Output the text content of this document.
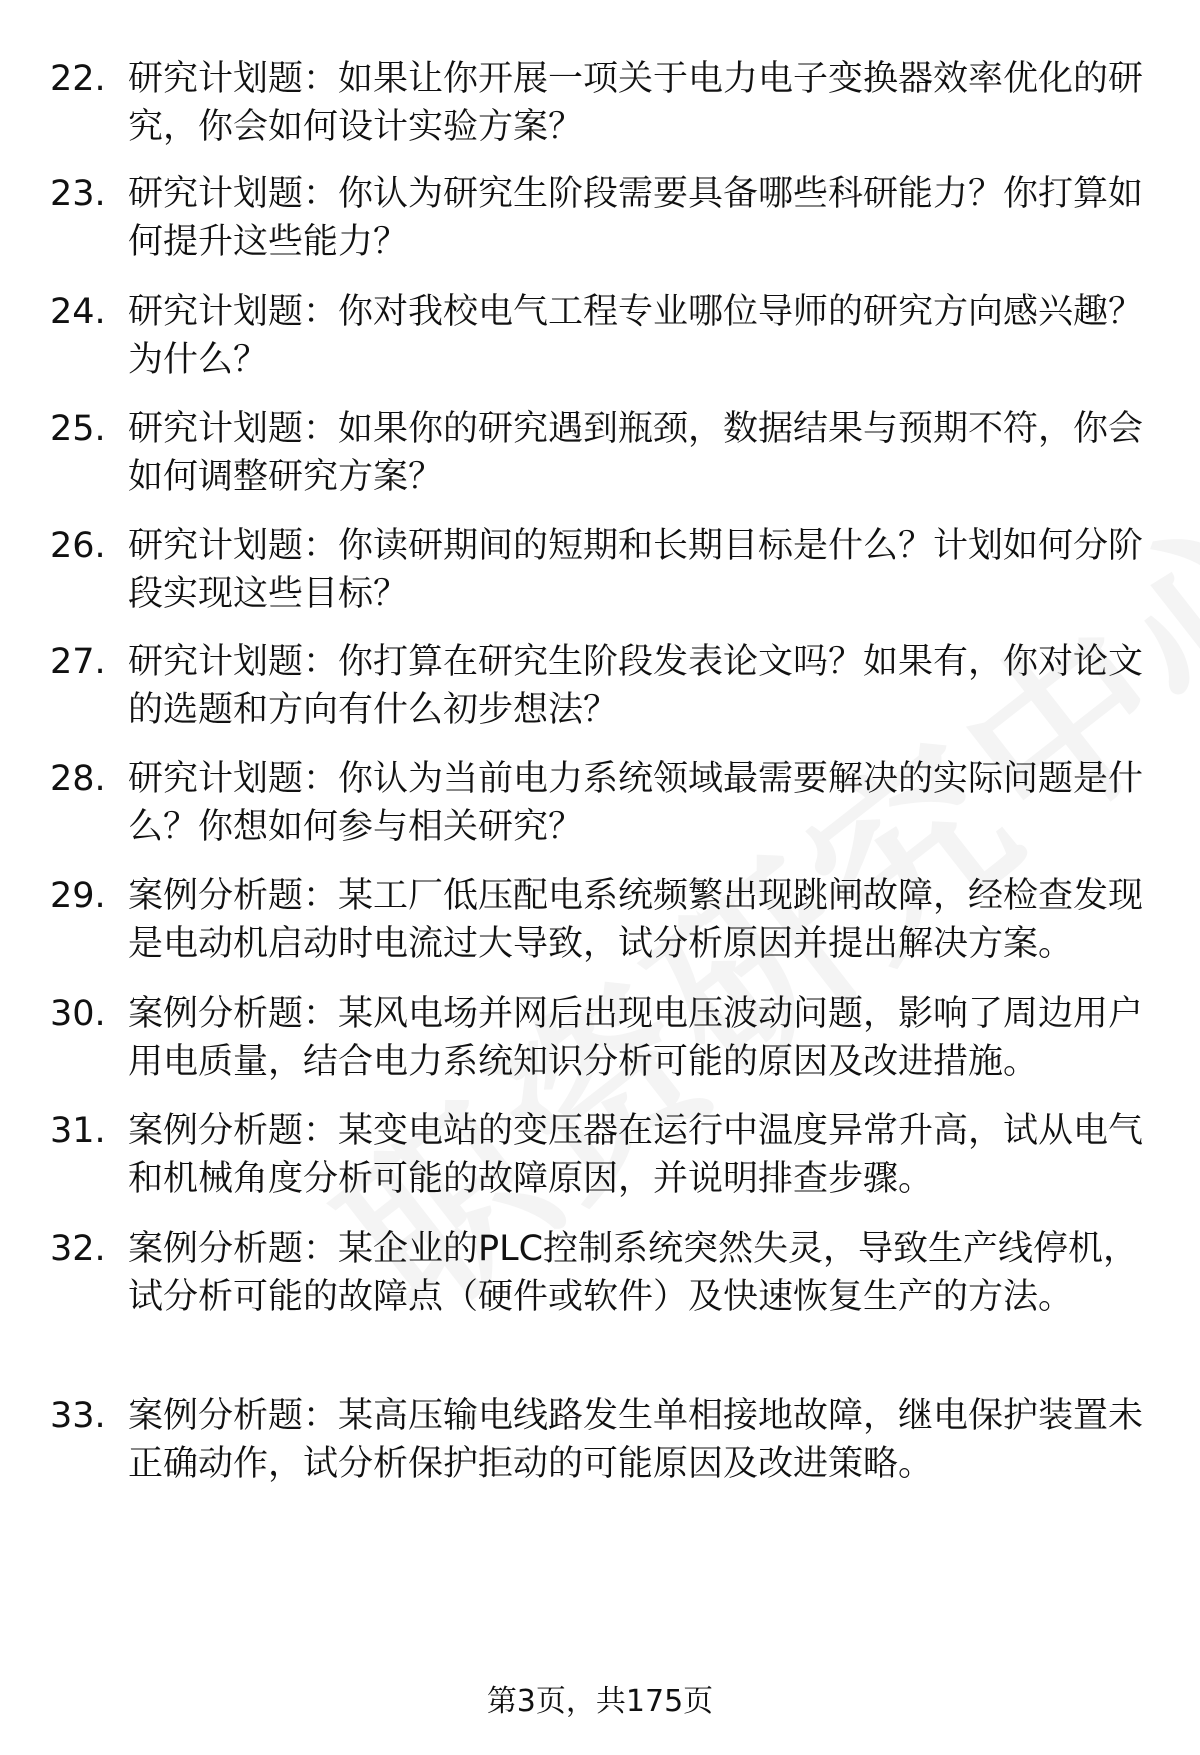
22. 研究计划题：如果让你开展一项关于电力电子变换器效率优化的研究，你会如何设计实验方案？
23. 研究计划题：你认为研究生阶段需要具备哪些科研能力？你打算如何提升这些能力？
24. 研究计划题：你对我校电气工程专业哪位导师的研究方向感兴趣？为什么？
25. 研究计划题：如果你的研究遇到瓶颈，数据结果与预期不符，你会如何调整研究方案？
26. 研究计划题：你读研期间的短期和长期目标是什么？计划如何分阶段实现这些目标？
27. 研究计划题：你打算在研究生阶段发表论文吗？如果有，你对论文的选题和方向有什么初步想法？
28. 研究计划题：你认为当前电力系统领域最需要解决的实际问题是什么？你想如何参与相关研究？
29. 案例分析题：某工厂低压配电系统频繁出现跳闸故障，经检查发现是电动机启动时电流过大导致，试分析原因并提出解决方案。
30. 案例分析题：某风电场并网后出现电压波动问题，影响了周边用户用电质量，结合电力系统知识分析可能的原因及改进措施。
31. 案例分析题：某变电站的变压器在运行中温度异常升高，试从电气和机械角度分析可能的故障原因，并说明排查步骤。
32. 案例分析题：某企业的PLC控制系统突然失灵，导致生产线停机，试分析可能的故障点（硬件或软件）及快速恢复生产的方法。
33. 案例分析题：某高压输电线路发生单相接地故障，继电保护装置未正确动作，试分析保护拒动的可能原因及改进策略。
第3页，共175页
